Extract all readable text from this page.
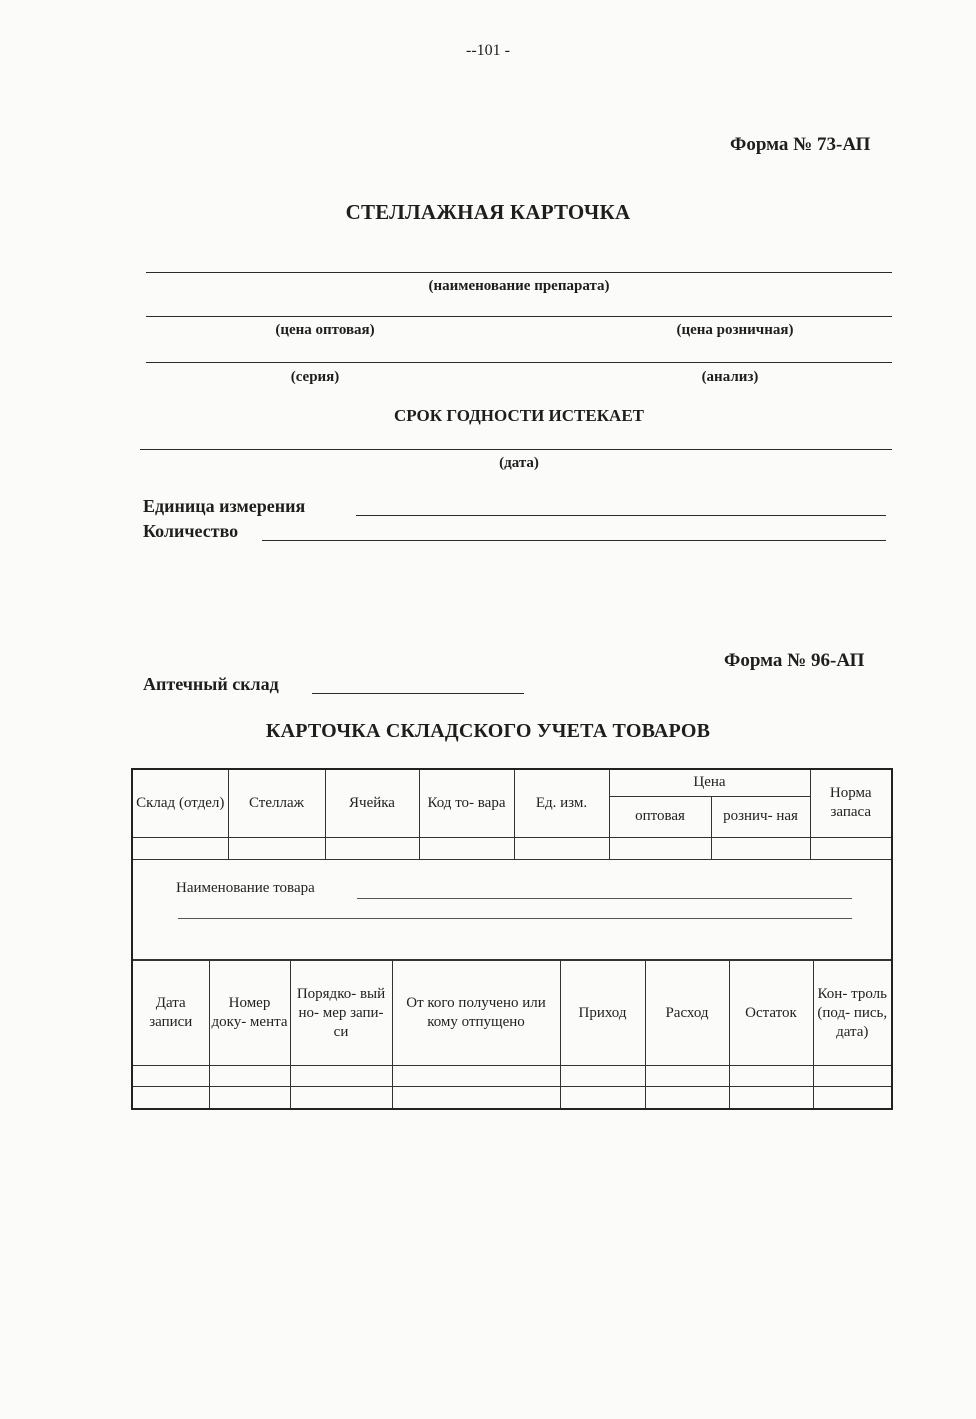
--101 -
Форма № 73-АП
СТЕЛЛАЖНАЯ КАРТОЧКА
(наименование препарата)
(цена оптовая)	(цена розничная)
(серия)	(анализ)
СРОК ГОДНОСТИ ИСТЕКАЕТ
(дата)
Единица измерения
Количество
Форма № 96-АП
Аптечный склад
КАРТОЧКА СКЛАДСКОГО УЧЕТА ТОВАРОВ
Склад (отдел)	Стеллаж	Ячейка	Код то- вара	Ед. изм.	Цена		Норма запаса
					оптовая	рознич- ная	

Наименование товара
Дата записи	Номер доку- мента	Порядко- вый но- мер запи- си	От кого получено или кому отпущено	Приход	Расход	Остаток	Кон- троль (под- пись, дата)
